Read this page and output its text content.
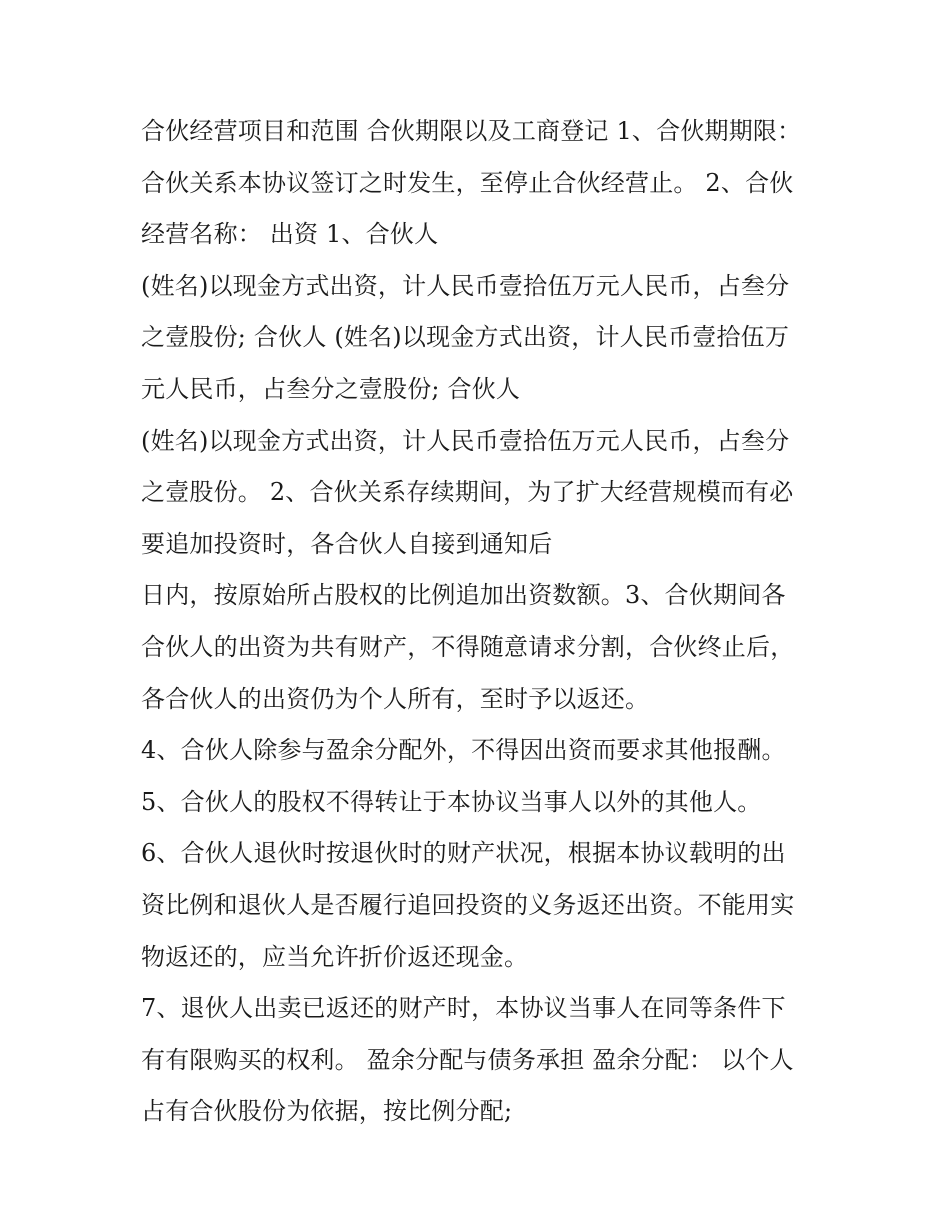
合伙经营项目和范围 合伙期限以及工商登记 1、合伙期期限：
合伙关系本协议签订之时发生，至停止合伙经营止。 2、合伙
经营名称： 出资 1、合伙人
(姓名)以现金方式出资，计人民币壹拾伍万元人民币，占叁分
之壹股份; 合伙人 (姓名)以现金方式出资，计人民币壹拾伍万
元人民币，占叁分之壹股份; 合伙人
(姓名)以现金方式出资，计人民币壹拾伍万元人民币，占叁分
之壹股份。 2、合伙关系存续期间，为了扩大经营规模而有必
要追加投资时，各合伙人自接到通知后
日内，按原始所占股权的比例追加出资数额。3、合伙期间各
合伙人的出资为共有财产，不得随意请求分割，合伙终止后，
各合伙人的出资仍为个人所有，至时予以返还。
4、合伙人除参与盈余分配外，不得因出资而要求其他报酬。
5、合伙人的股权不得转让于本协议当事人以外的其他人。
6、合伙人退伙时按退伙时的财产状况，根据本协议载明的出
资比例和退伙人是否履行追回投资的义务返还出资。不能用实
物返还的，应当允许折价返还现金。
7、退伙人出卖已返还的财产时，本协议当事人在同等条件下
有有限购买的权利。 盈余分配与债务承担 盈余分配： 以个人
占有合伙股份为依据，按比例分配;
